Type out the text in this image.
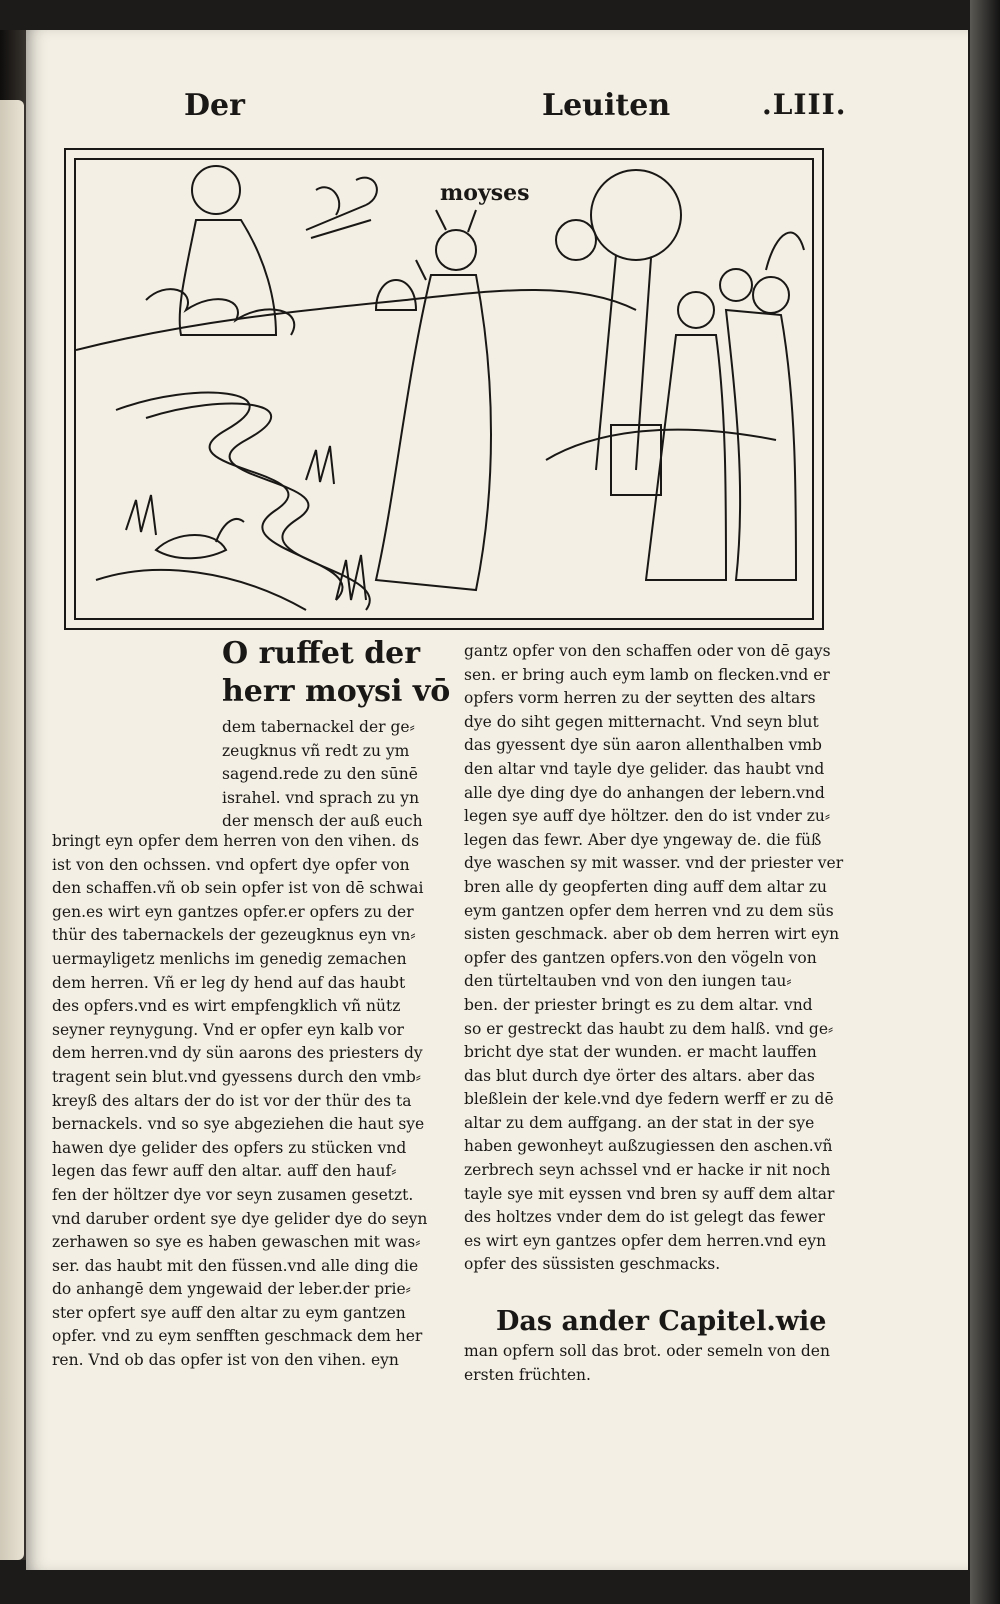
Der	Leuiten	.LIII.
moyses
O ruffet der
herr moysi vō
dem tabernackel der ge⸗
zeugknus vñ redt zu ym
sagend.rede zu den sūnē
israhel. vnd sprach zu yn
der mensch der auß euch
bringt eyn opfer dem herren von den vihen. ds
ist von den ochssen. vnd opfert dye opfer von
den schaffen.vñ ob sein opfer ist von dē schwai
gen.es wirt eyn gantzes opfer.er opfers zu der
thür des tabernackels der gezeugknus eyn vn⸗
uermayligetz menlichs im genedig zemachen
dem herren. Vñ er leg dy hend auf das haubt
des opfers.vnd es wirt empfengklich vñ nütz
seyner reynygung. Vnd er opfer eyn kalb vor
dem herren.vnd dy sün aarons des priesters dy
tragent sein blut.vnd gyessens durch den vmb⸗
kreyß des altars der do ist vor der thür des ta
bernackels. vnd so sye abgeziehen die haut sye
hawen dye gelider des opfers zu stücken vnd
legen das fewr auff den altar. auff den hauf⸗
fen der höltzer dye vor seyn zusamen gesetzt.
vnd daruber ordent sye dye gelider dye do seyn
zerhawen so sye es haben gewaschen mit was⸗
ser. das haubt mit den füssen.vnd alle ding die
do anhangē dem yngewaid der leber.der prie⸗
ster opfert sye auff den altar zu eym gantzen
opfer. vnd zu eym senfften geschmack dem her
ren. Vnd ob das opfer ist von den vihen. eyn
gantz opfer von den schaffen oder von dē gays
sen. er bring auch eym lamb on flecken.vnd er
opfers vorm herren zu der seytten des altars
dye do siht gegen mitternacht. Vnd seyn blut
das gyessent dye sün aaron allenthalben vmb
den altar vnd tayle dye gelider. das haubt vnd
alle dye ding dye do anhangen der lebern.vnd
legen sye auff dye höltzer. den do ist vnder zu⸗
legen das fewr. Aber dye yngeway de. die füß
dye waschen sy mit wasser. vnd der priester ver
bren alle dy geopferten ding auff dem altar zu
eym gantzen opfer dem herren vnd zu dem süs
sisten geschmack. aber ob dem herren wirt eyn
opfer des gantzen opfers.von den vögeln von
den türteltauben vnd von den iungen tau⸗
ben. der priester bringt es zu dem altar. vnd
so er gestreckt das haubt zu dem halß. vnd ge⸗
bricht dye stat der wunden. er macht lauffen
das blut durch dye örter des altars. aber das
bleßlein der kele.vnd dye federn werff er zu dē
altar zu dem auffgang. an der stat in der sye
haben gewonheyt außzugiessen den aschen.vñ
zerbrech seyn achssel vnd er hacke ir nit noch
tayle sye mit eyssen vnd bren sy auff dem altar
des holtzes vnder dem do ist gelegt das fewer
es wirt eyn gantzes opfer dem herren.vnd eyn
opfer des süssisten geschmacks.
Das ander Capitel.wie
man opfern soll das brot. oder semeln von den
ersten früchten.
